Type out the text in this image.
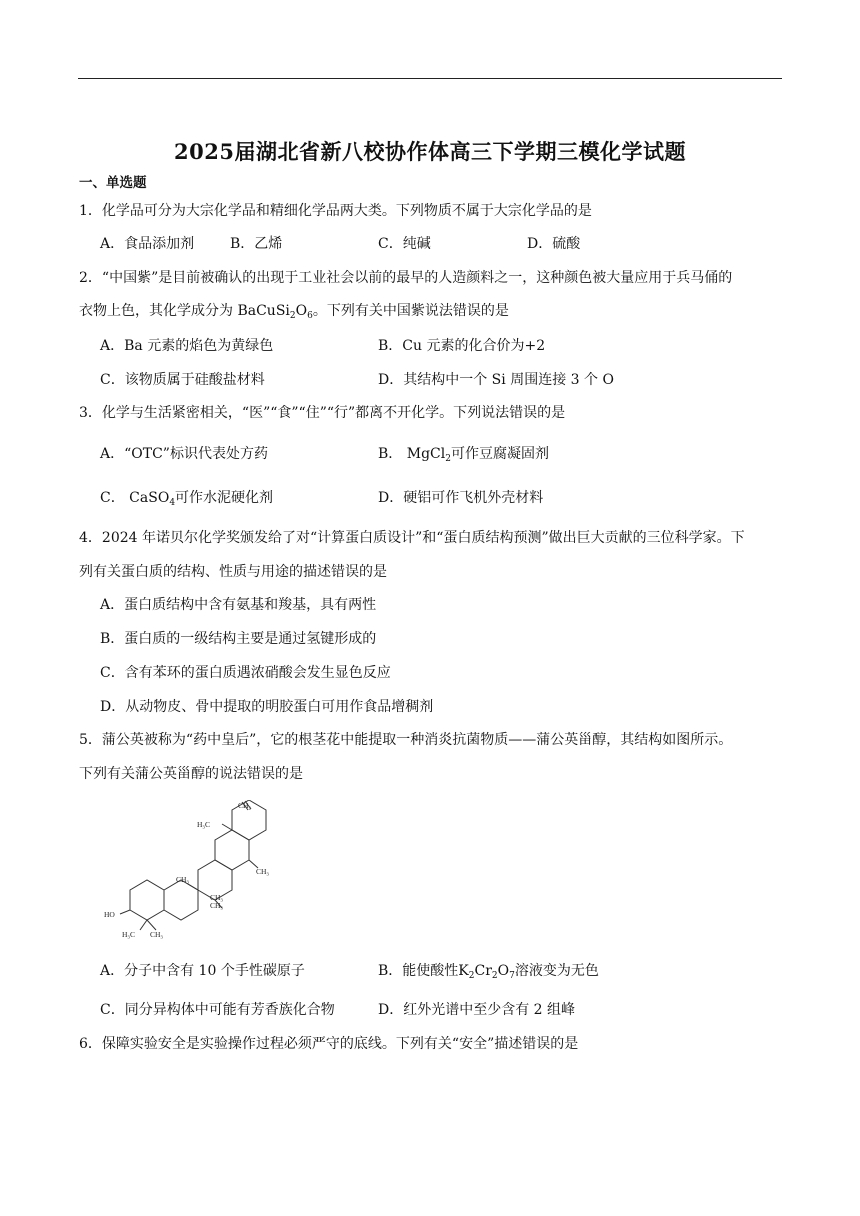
2025届湖北省新八校协作体高三下学期三模化学试题
一、单选题
1．化学品可分为大宗化学品和精细化学品两大类。下列物质不属于大宗化学品的是
A．食品添加剂	B．乙烯	C．纯碱	D．硫酸
2．“中国紫”是目前被确认的出现于工业社会以前的最早的人造颜料之一，这种颜色被大量应用于兵马俑的
衣物上色，其化学成分为 $BaCuSi_2O_6$。下列有关中国紫说法错误的是
A．Ba 元素的焰色为黄绿色	B．Cu 元素的化合价为+2
C．该物质属于硅酸盐材料	D．其结构中一个 Si 周围连接 3 个 O
3．化学与生活紧密相关，“医”“食”“住”“行”都离不开化学。下列说法错误的是
A．“OTC”标识代表处方药	B． MgCl$_2$可作豆腐凝固剂
C． CaSO$_4$可作水泥硬化剂	D．硬铝可作飞机外壳材料
4．2024 年诺贝尔化学奖颁发给了对“计算蛋白质设计”和“蛋白质结构预测”做出巨大贡献的三位科学家。下
列有关蛋白质的结构、性质与用途的描述错误的是
A．蛋白质结构中含有氨基和羧基，具有两性
B．蛋白质的一级结构主要是通过氢键形成的
C．含有苯环的蛋白质遇浓硝酸会发生显色反应
D．从动物皮、骨中提取的明胶蛋白可用作食品增稠剂
5．蒲公英被称为“药中皇后”，它的根茎花中能提取一种消炎抗菌物质——蒲公英甾醇，其结构如图所示。
下列有关蒲公英甾醇的说法错误的是
CH₂
H₃C
CH₃
CH₃
CH₃
CH₃
HO
H₃C CH₃
A．分子中含有 10 个手性碳原子	B．能使酸性$K_2Cr_2O_7$溶液变为无色
C．同分异构体中可能有芳香族化合物	D．红外光谱中至少含有 2 组峰
6．保障实验安全是实验操作过程必须严守的底线。下列有关“安全”描述错误的是
